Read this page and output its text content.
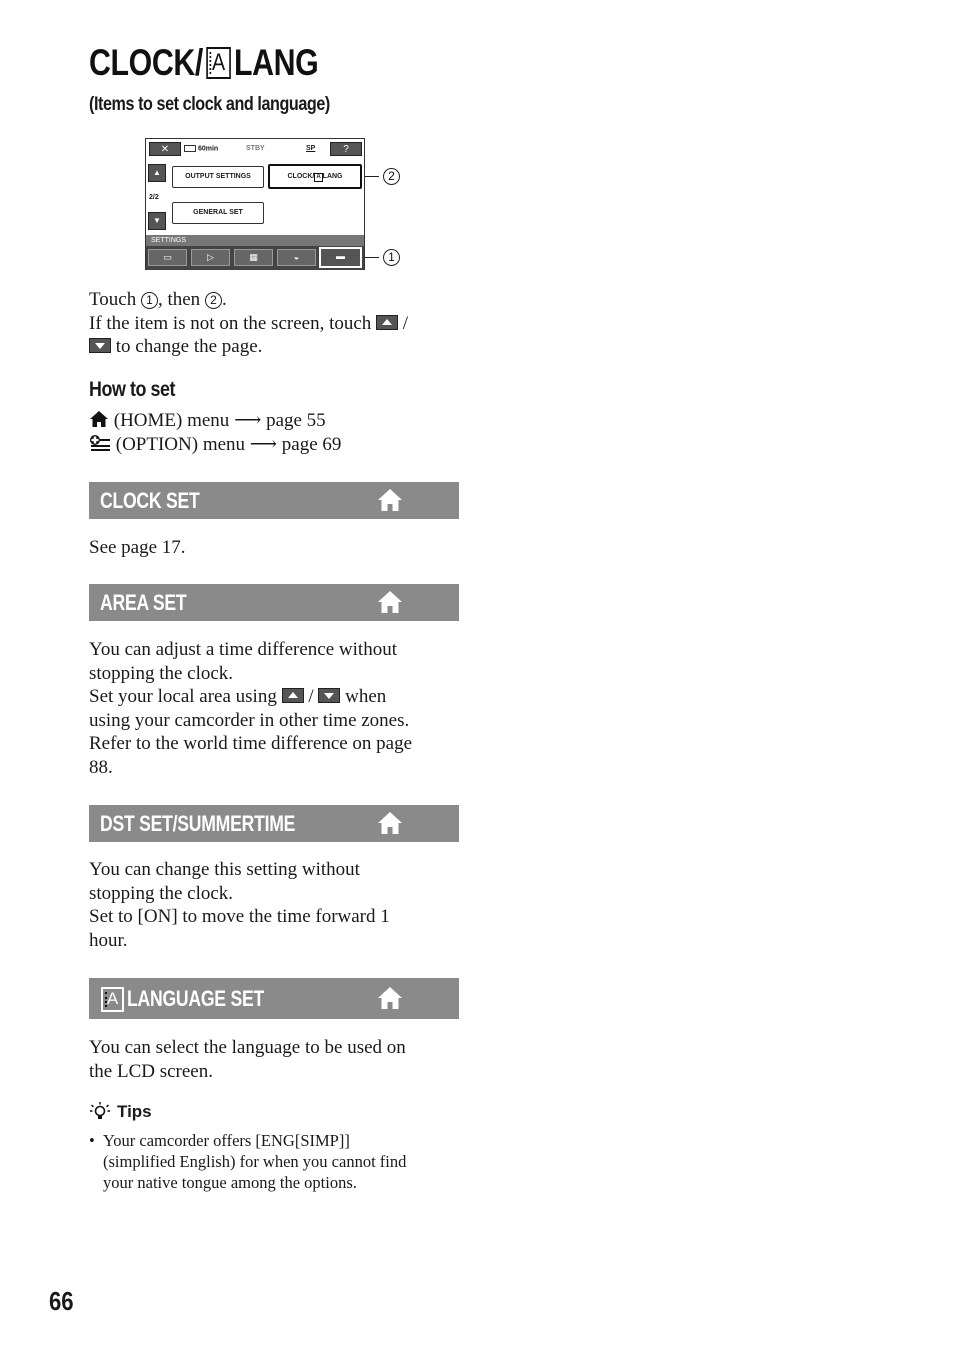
CLOCK/ A LANG
(Items to set clock and language)
✕	60min	STBY	SP	?
▲
2/2
▼
OUTPUT SETTINGS	CLOCK/ A LANG
GENERAL SET
SETTINGS
▭	▷	▦	◒	▬
2
1
Touch 1 , then 2 .
If the item is not on the screen, touch /
to change the page.
How to set
(HOME) menu ⟶ page 55
(OPTION) menu ⟶ page 69
CLOCK SET
See page 17.
AREA SET
You can adjust a time difference without
stopping the clock.
Set your local area using / when
using your camcorder in other time zones.
Refer to the world time difference on page
88.
DST SET/SUMMERTIME
You can change this setting without
stopping the clock.
Set to [ON] to move the time forward 1
hour.
A LANGUAGE SET
You can select the language to be used on
the LCD screen.
Tips
• Your camcorder offers [ENG[SIMP]]
(simplified English) for when you cannot find
your native tongue among the options.
66
